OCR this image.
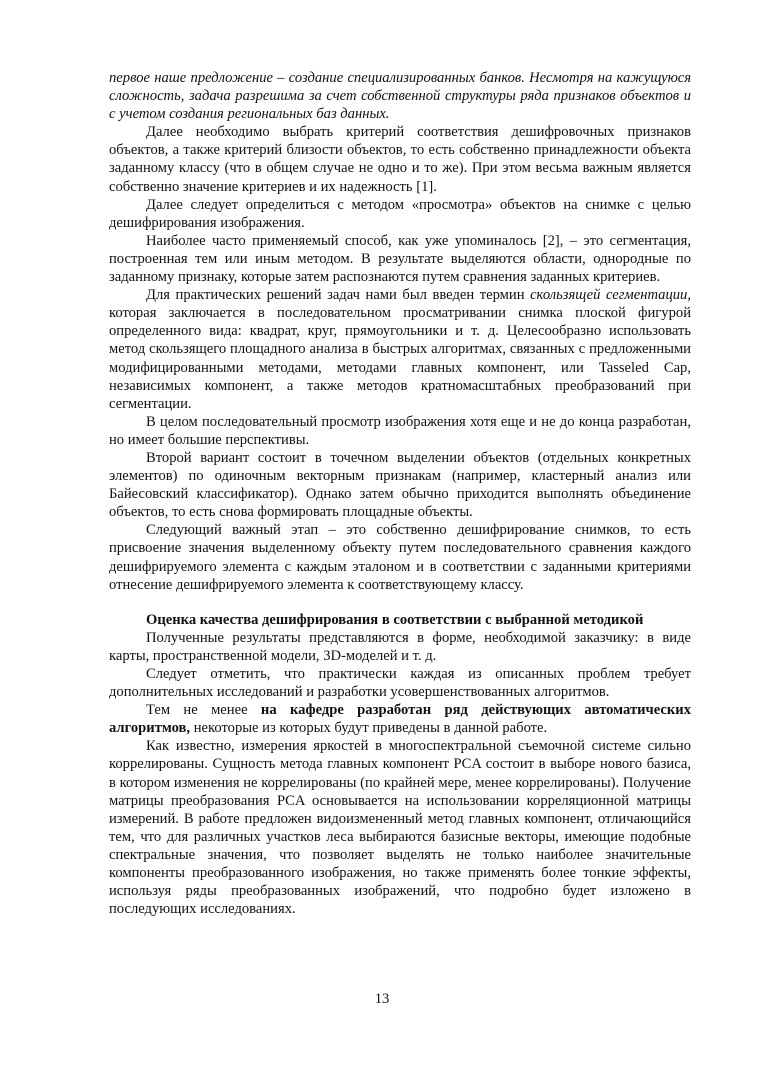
первое наше предложение – создание специализированных банков. Несмотря на кажущуюся сложность, задача разрешима за счет собственной структуры ряда признаков объектов и с учетом создания региональных баз данных.

Далее необходимо выбрать критерий соответствия дешифровочных признаков объектов, а также критерий близости объектов, то есть собственно принадлежности объекта заданному классу (что в общем случае не одно и то же). При этом весьма важным является собственно значение критериев и их надежность [1].

Далее следует определиться с методом «просмотра» объектов на снимке с целью дешифрирования изображения.

Наиболее часто применяемый способ, как уже упоминалось [2], – это сегментация, построенная тем или иным методом. В результате выделяются области, однородные по заданному признаку, которые затем распознаются путем сравнения заданных критериев.

Для практических решений задач нами был введен термин скользящей сегментации, которая заключается в последовательном просматривании снимка плоской фигурой определенного вида: квадрат, круг, прямоугольники и т. д. Целесообразно использовать метод скользящего площадного анализа в быстрых алгоритмах, связанных с предложенными модифицированными методами, методами главных компонент, или Tasseled Cap, независимых компонент, а также методов кратномасштабных преобразований при сегментации.

В целом последовательный просмотр изображения хотя еще и не до конца разработан, но имеет большие перспективы.

Второй вариант состоит в точечном выделении объектов (отдельных конкретных элементов) по одиночным векторным признакам (например, кластерный анализ или Байесовский классификатор). Однако затем обычно приходится выполнять объединение объектов, то есть снова формировать площадные объекты.

Следующий важный этап – это собственно дешифрирование снимков, то есть присвоение значения выделенному объекту путем последовательного сравнения каждого дешифрируемого элемента с каждым эталоном и в соответствии с заданными критериями отнесение дешифрируемого элемента к соответствующему классу.

Оценка качества дешифрирования в соответствии с выбранной методикой

Полученные результаты представляются в форме, необходимой заказчику: в виде карты, пространственной модели, 3D-моделей и т. д.

Следует отметить, что практически каждая из описанных проблем требует дополнительных исследований и разработки усовершенствованных алгоритмов.

Тем не менее на кафедре разработан ряд действующих автоматических алгоритмов, некоторые из которых будут приведены в данной работе.

Как известно, измерения яркостей в многоспектральной съемочной системе сильно коррелированы. Сущность метода главных компонент PCA состоит в выборе нового базиса, в котором изменения не коррелированы (по крайней мере, менее коррелированы). Получение матрицы преобразования PCA основывается на использовании корреляционной матрицы измерений. В работе предложен видоизмененный метод главных компонент, отличающийся тем, что для различных участков леса выбираются базисные векторы, имеющие подобные спектральные значения, что позволяет выделять не только наиболее значительные компоненты преобразованного изображения, но также применять более тонкие эффекты, используя ряды преобразованных изображений, что подробно будет изложено в последующих исследованиях.

13
